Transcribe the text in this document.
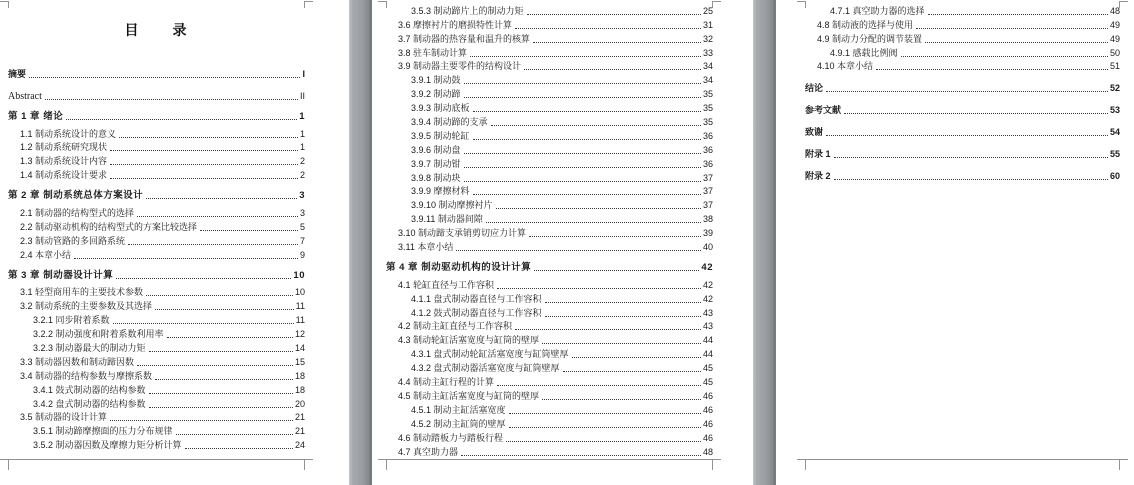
目　　录
摘要	I
Abstract	II
第 1 章 绪论	1
1.1 制动系统设计的意义	1
1.2 制动系统研究现状	1
1.3 制动系统设计内容	2
1.4 制动系统设计要求	2
第 2 章 制动系统总体方案设计	3
2.1 制动器的结构型式的选择	3
2.2 制动驱动机构的结构型式的方案比较选择	5
2.3 制动管路的多回路系统	7
2.4 本章小结	9
第 3 章 制动器设计计算	10
3.1 轻型商用车的主要技术参数	10
3.2 制动系统的主要参数及其选择	11
3.2.1 同步附着系数	11
3.2.2 制动强度和附着系数利用率	12
3.2.3 制动器最大的制动力矩	14
3.3 制动器因数和制动蹄因数	15
3.4 制动器的结构参数与摩擦系数	18
3.4.1 鼓式制动器的结构参数	18
3.4.2 盘式制动器的结构参数	20
3.5 制动器的设计计算	21
3.5.1 制动蹄摩擦面的压力分布规律	21
3.5.2 制动器因数及摩擦力矩分析计算	24
3.5.3 制动蹄片上的制动力矩	25
3.6 摩擦衬片的磨损特性计算	31
3.7 制动器的热容量和温升的核算	32
3.8 驻车制动计算	33
3.9 制动器主要零件的结构设计	34
3.9.1 制动鼓	34
3.9.2 制动蹄	35
3.9.3 制动底板	35
3.9.4 制动蹄的支承	35
3.9.5 制动轮缸	36
3.9.6 制动盘	36
3.9.7 制动钳	36
3.9.8 制动块	37
3.9.9 摩擦材料	37
3.9.10 制动摩擦衬片	37
3.9.11 制动器间隙	38
3.10 制动蹄支承销剪切应力计算	39
3.11 本章小结	40
第 4 章 制动驱动机构的设计计算	42
4.1 轮缸直径与工作容积	42
4.1.1 盘式制动器直径与工作容积	42
4.1.2 鼓式制动器直径与工作容积	43
4.2 制动主缸直径与工作容积	43
4.3 制动轮缸活塞宽度与缸筒的壁厚	44
4.3.1 盘式制动轮缸活塞宽度与缸筒壁厚	44
4.3.2 盘式制动器活塞宽度与缸筒壁厚	45
4.4 制动主缸行程的计算	45
4.5 制动主缸活塞宽度与缸筒的壁厚	46
4.5.1 制动主缸活塞宽度	46
4.5.2 制动主缸筒的壁厚	46
4.6 制动踏板力与踏板行程	46
4.7 真空助力器	48
4.7.1 真空助力器的选择	48
4.8 制动液的选择与使用	49
4.9 制动力分配的调节装置	49
4.9.1 感载比例阀	50
4.10 本章小结	51
结论	52
参考文献	53
致谢	54
附录 1	55
附录 2	60
